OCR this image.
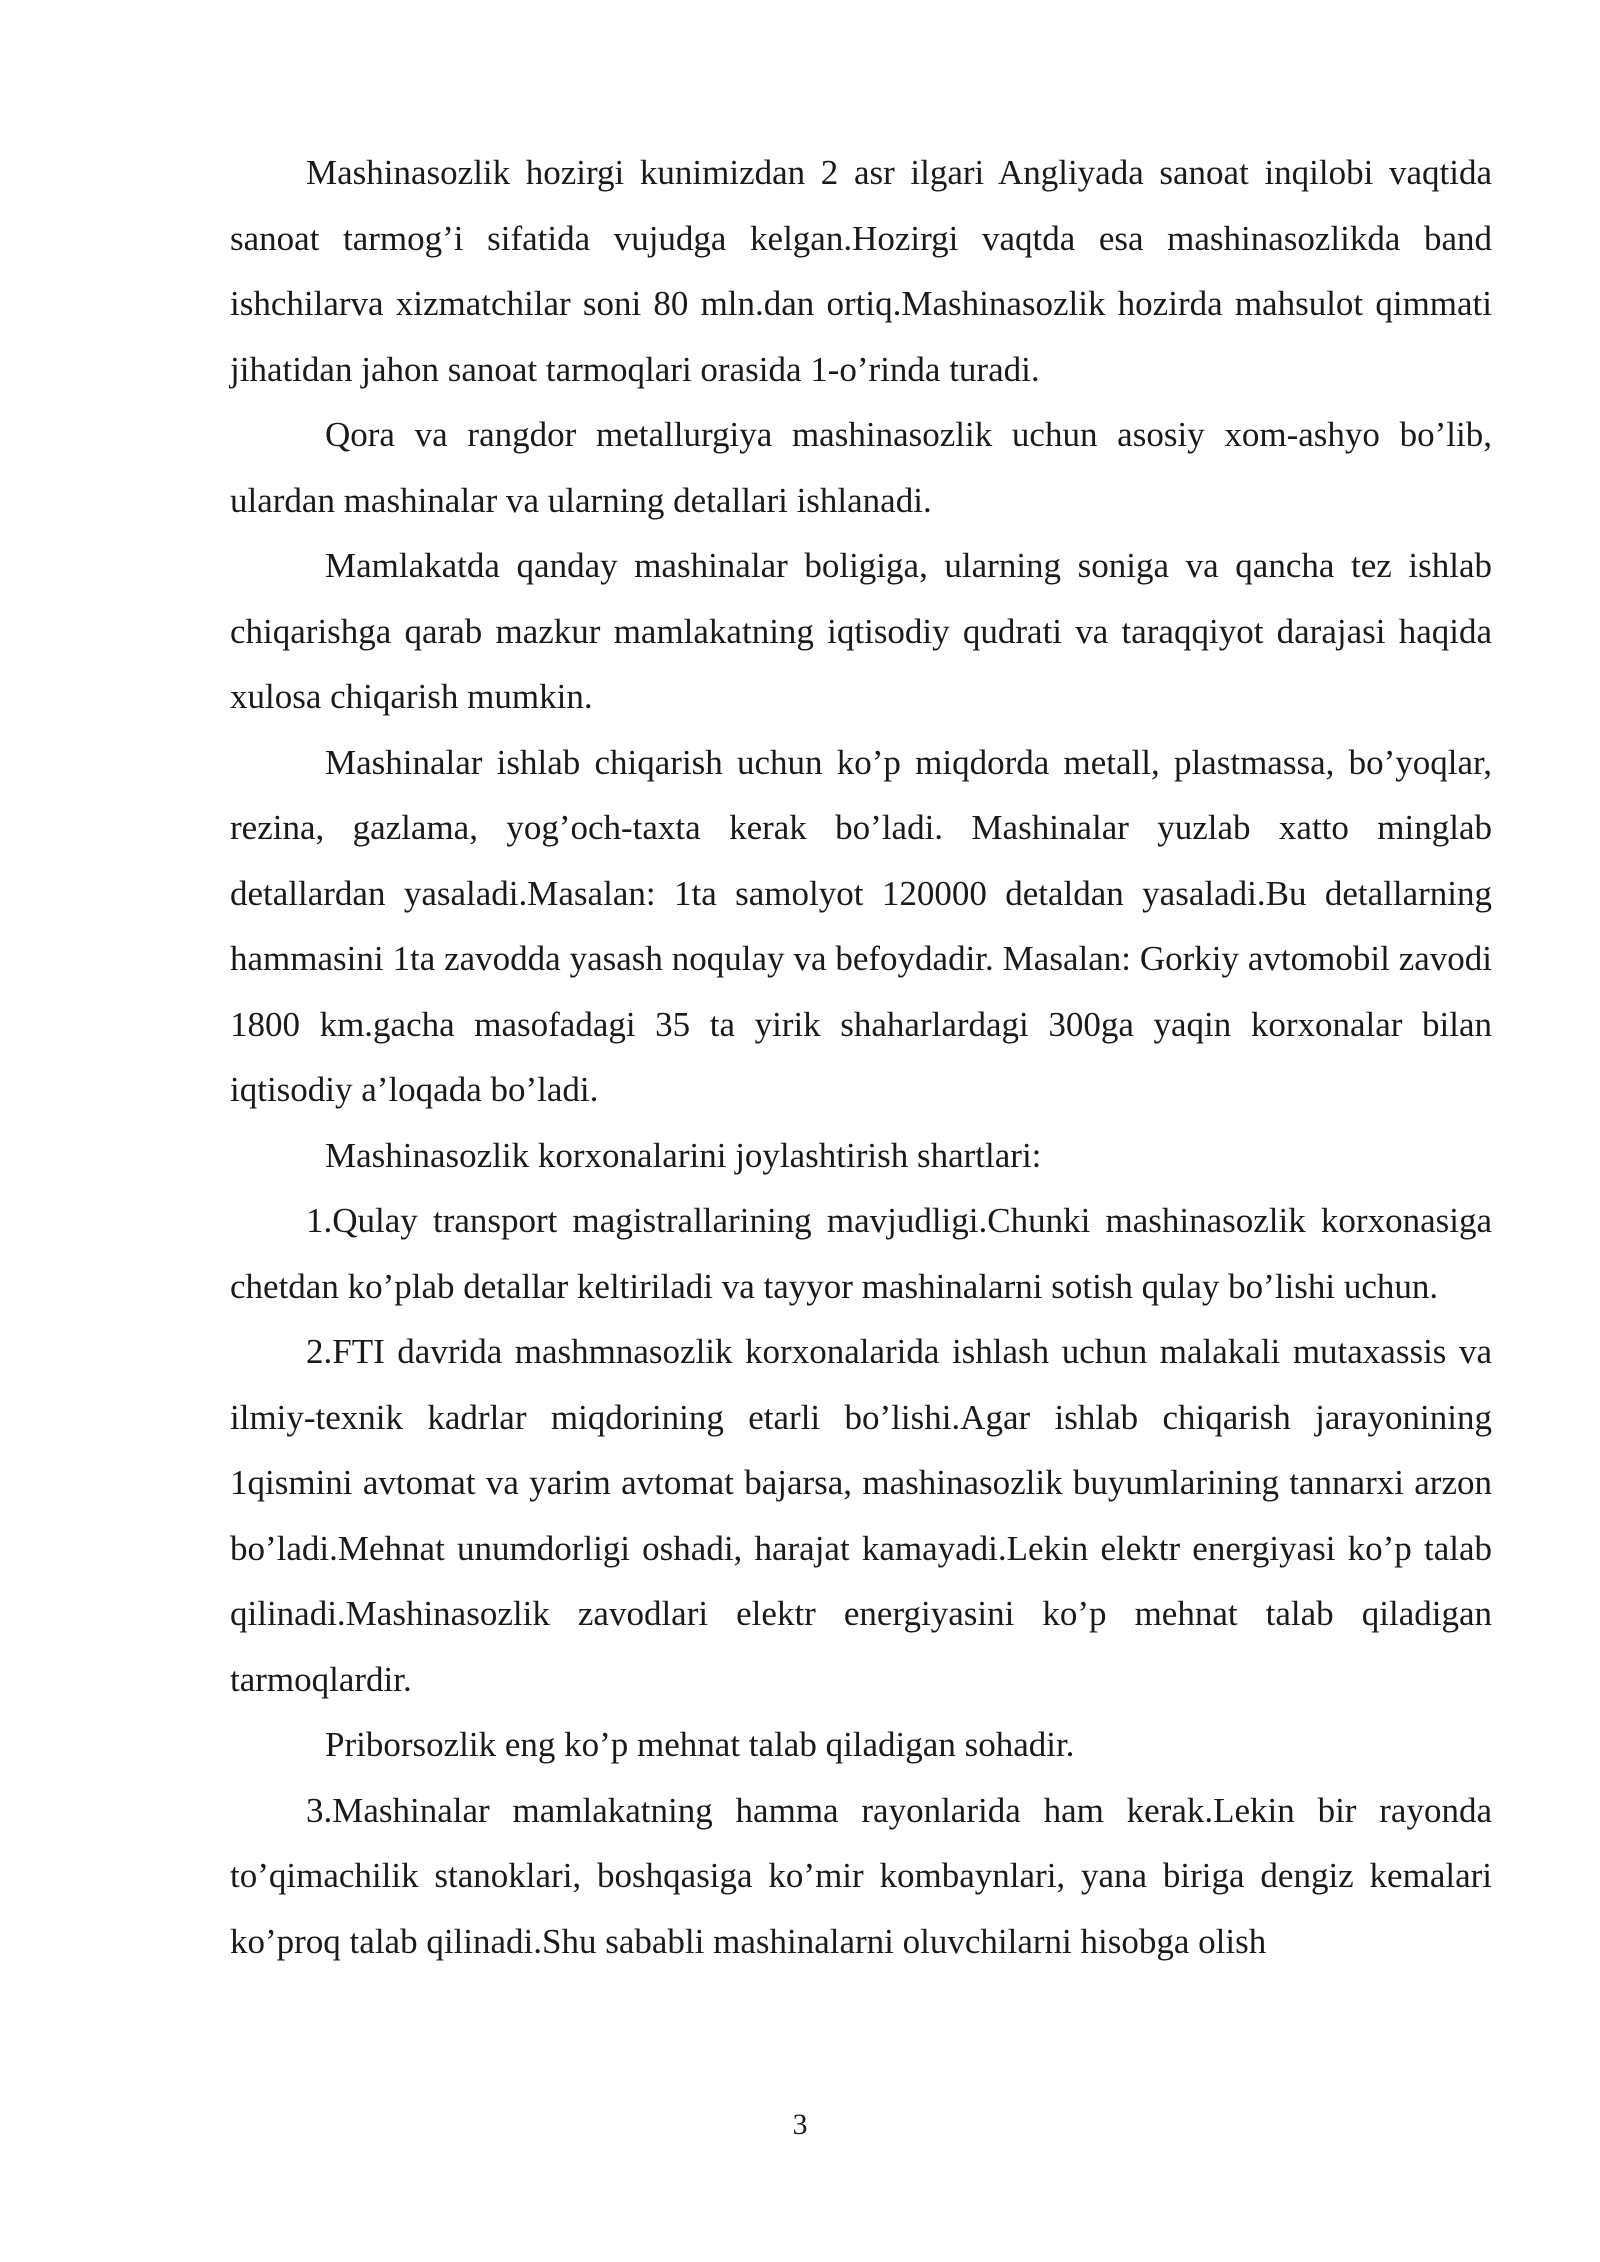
Mashinasozlik hozirgi kunimizdan 2 asr ilgari Angliyada sanoat inqilobi vaqtida sanoat tarmog’i sifatida vujudga kelgan.Hozirgi vaqtda esa mashinasozlikda band ishchilarva xizmatchilar soni 80 mln.dan ortiq.Mashinasozlik hozirda mahsulot qimmati jihatidan jahon sanoat tarmoqlari orasida 1-o’rinda turadi.

Qora va rangdor metallurgiya mashinasozlik uchun asosiy xom-ashyo bo’lib, ulardan mashinalar va ularning detallari ishlanadi.

Mamlakatda qanday mashinalar boligiga, ularning soniga va qancha tez ishlab chiqarishga qarab mazkur mamlakatning iqtisodiy qudrati va taraqqiyot darajasi haqida xulosa chiqarish mumkin.

Mashinalar ishlab chiqarish uchun ko’p miqdorda metall, plastmassa, bo’yoqlar, rezina, gazlama, yog’och-taxta kerak bo’ladi. Mashinalar yuzlab xatto minglab detallardan yasaladi.Masalan: 1ta samolyot 120000 detaldan yasaladi.Bu detallarning hammasini 1ta zavodda yasash noqulay va befoydadir. Masalan: Gorkiy avtomobil zavodi 1800 km.gacha masofadagi 35 ta yirik shaharlardagi 300ga yaqin korxonalar bilan iqtisodiy a’loqada bo’ladi.

Mashinasozlik korxonalarini joylashtirish shartlari:

1.Qulay transport magistrallarining mavjudligi.Chunki mashinasozlik korxonasiga chetdan ko’plab detallar keltiriladi va tayyor mashinalarni sotish qulay bo’lishi uchun.

2.FTI davrida mashmnasozlik korxonalarida ishlash uchun malakali mutaxassis va ilmiy-texnik kadrlar miqdorining etarli bo’lishi.Agar ishlab chiqarish jarayonining 1qismini avtomat va yarim avtomat bajarsa, mashinasozlik buyumlarining tannarxi arzon bo’ladi.Mehnat unumdorligi oshadi, harajat kamayadi.Lekin elektr energiyasi ko’p talab qilinadi.Mashinasozlik zavodlari elektr energiyasini ko’p mehnat talab qiladigan tarmoqlardir.

Priborsozlik eng ko’p mehnat talab qiladigan sohadir.

3.Mashinalar mamlakatning hamma rayonlarida ham kerak.Lekin bir rayonda to’qimachilik stanoklari, boshqasiga ko’mir kombaynlari, yana biriga dengiz kemalari ko’proq talab qilinadi.Shu sababli mashinalarni oluvchilarni hisobga olish

3
